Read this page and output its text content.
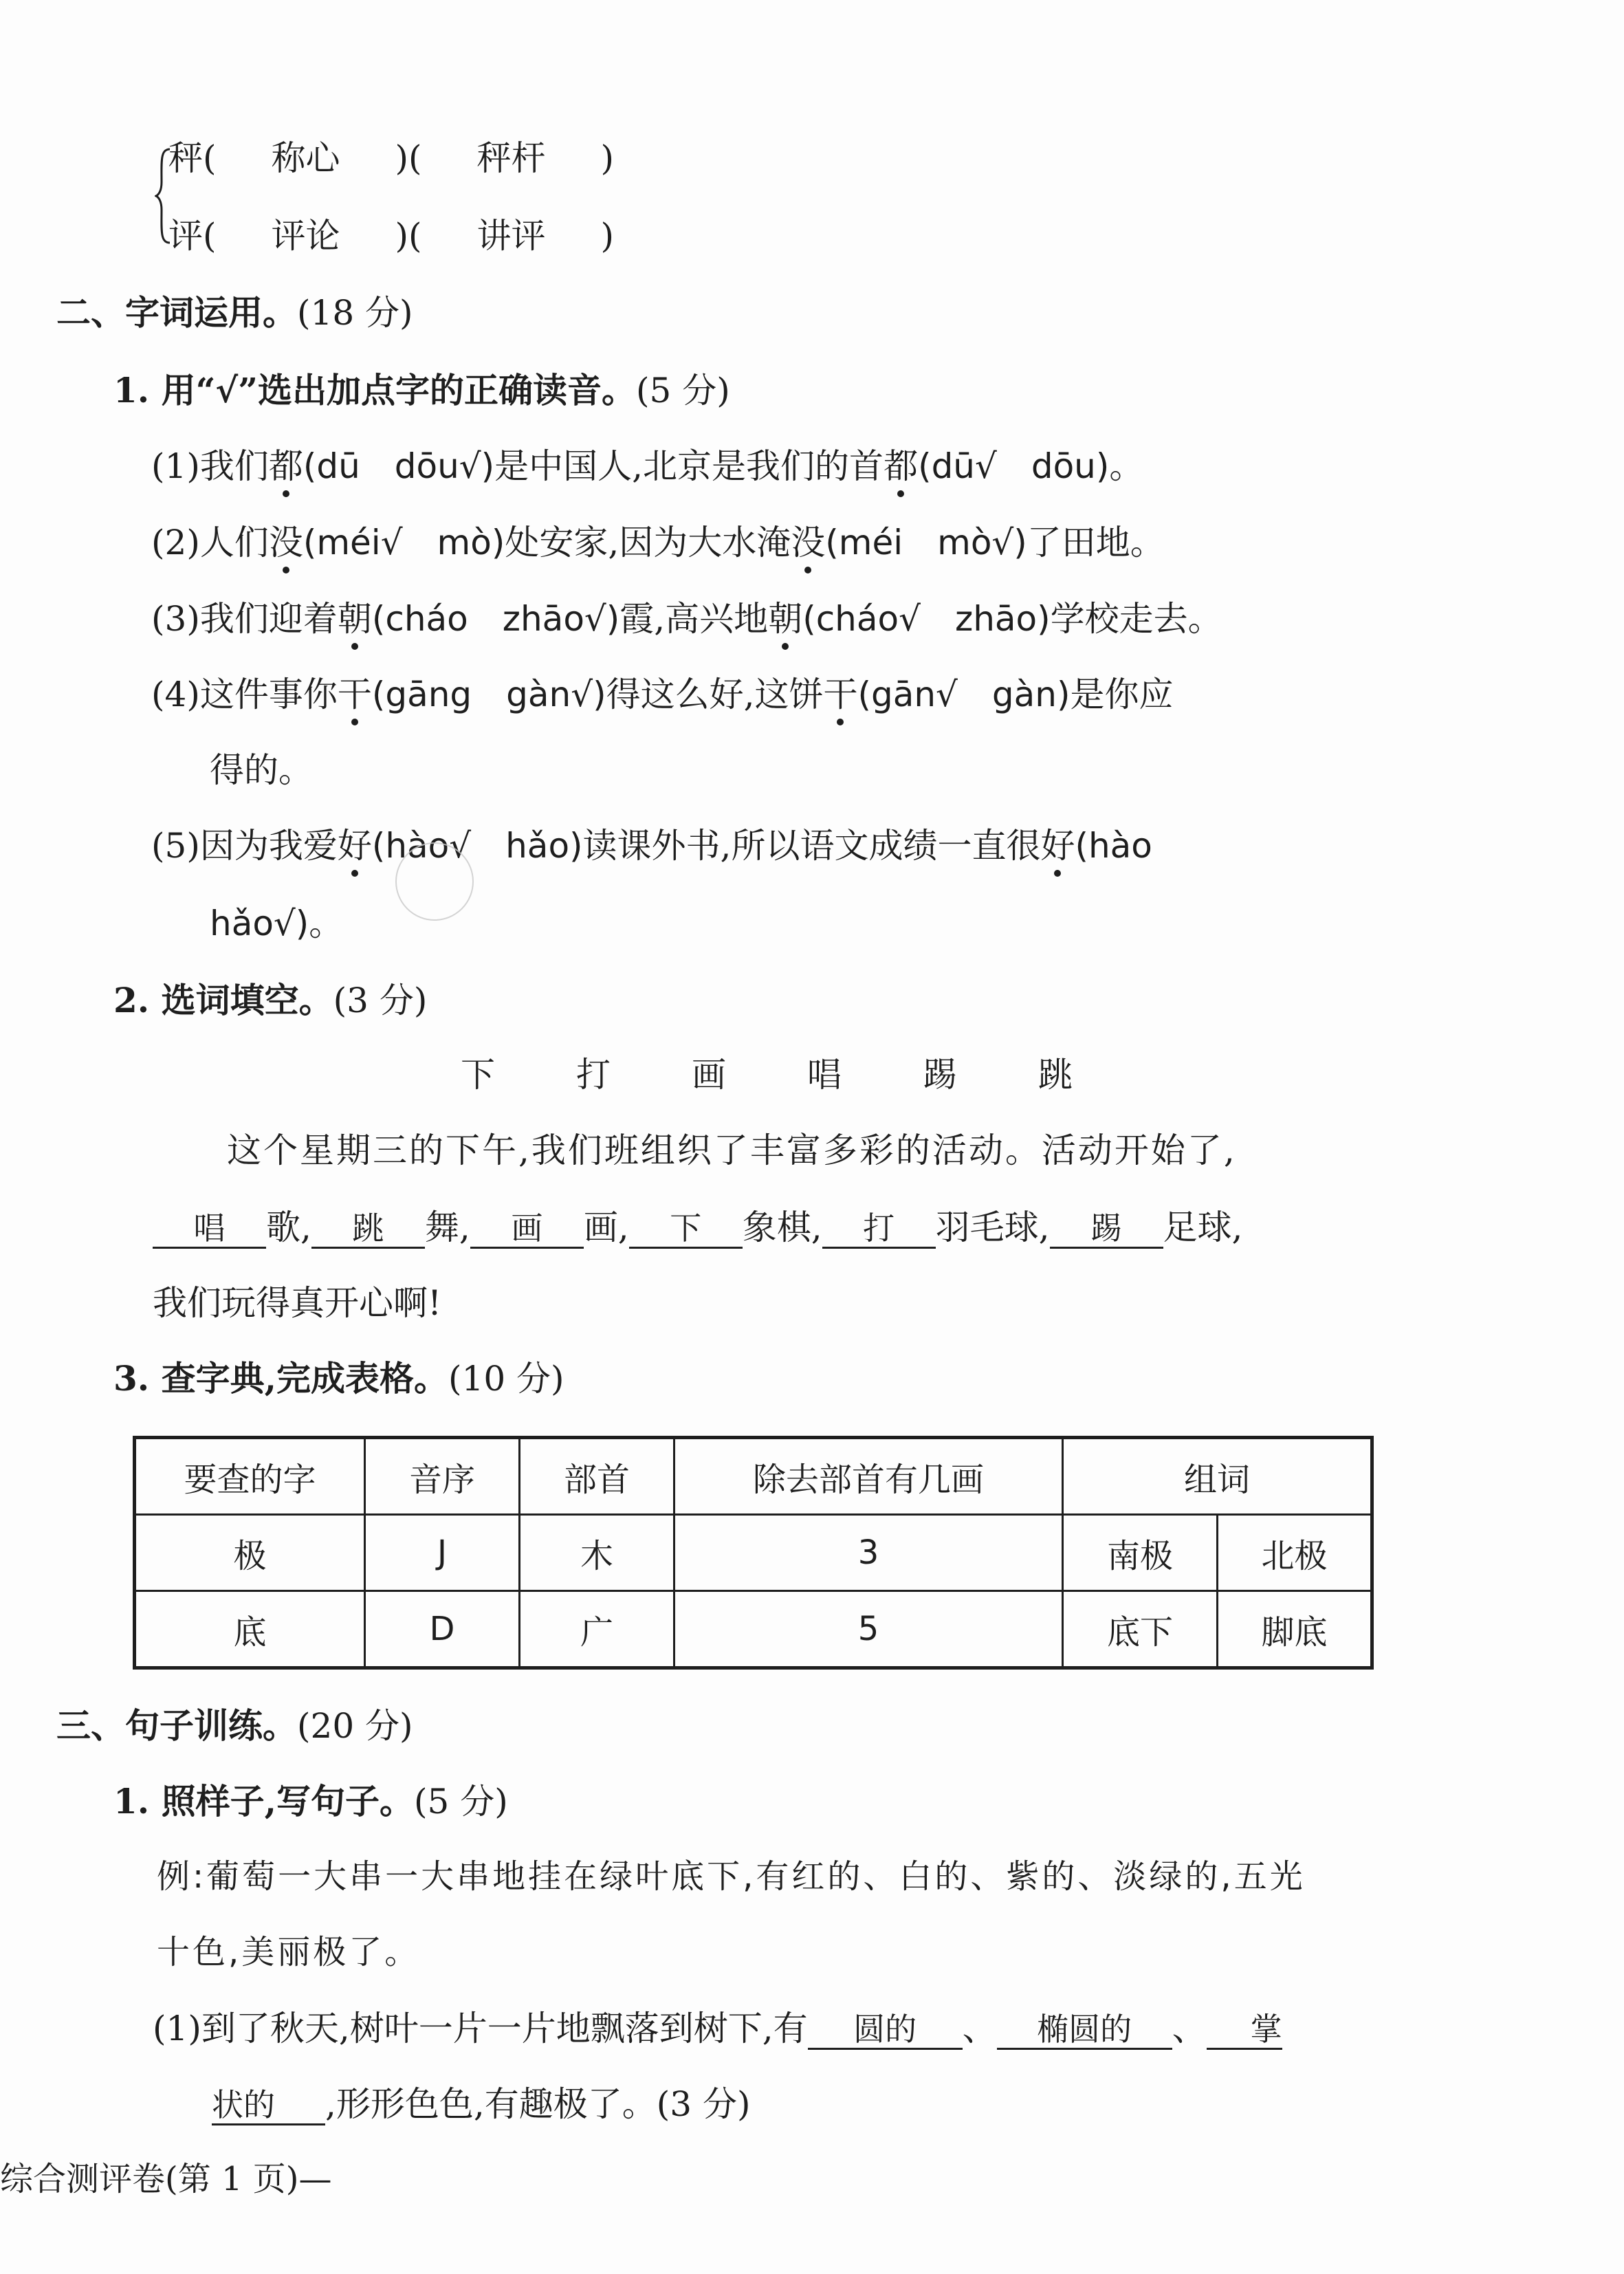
秤(　称心　)(　秤杆　)
评(　评论　)(　讲评　)
二、字词运用。(18 分)
1. 用“√”选出加点字的正确读音。(5 分)
(1)我们都(dū　dōu√)是中国人,北京是我们的首都(dū√　dōu)。
(2)人们没(méi√　mò)处安家,因为大水淹没(méi　mò√)了田地。
(3)我们迎着朝(cháo　zhāo√)霞,高兴地朝(cháo√　zhāo)学校走去。
(4)这件事你干(gāng　gàn√)得这么好,这饼干(gān√　gàn)是你应
得的。
(5)因为我爱好(hào√　hǎo)读课外书,所以语文成绩一直很好(hào
hǎo√)。
2. 选词填空。(3 分)
下 打 画 唱 踢 跳
这个星期三的下午,我们班组织了丰富多彩的活动。活动开始了,
唱 歌, 跳 舞, 画 画, 下 象棋, 打 羽毛球, 踢 足球,
我们玩得真开心啊!
3. 查字典,完成表格。(10 分)
要查的字	音序	部首	除去部首有几画	组词	
极	J	木	3	南极	北极
底	D	广	5	底下	脚底
三、句子训练。(20 分)
1. 照样子,写句子。(5 分)
例:葡萄一大串一大串地挂在绿叶底下,有红的、白的、紫的、淡绿的,五光
十色,美丽极了。
(1)到了秋天,树叶一片一片地飘落到树下,有 圆的 、 椭圆的 、 掌
状的 ,形形色色,有趣极了。(3 分)
综合测评卷(第 1 页)—
